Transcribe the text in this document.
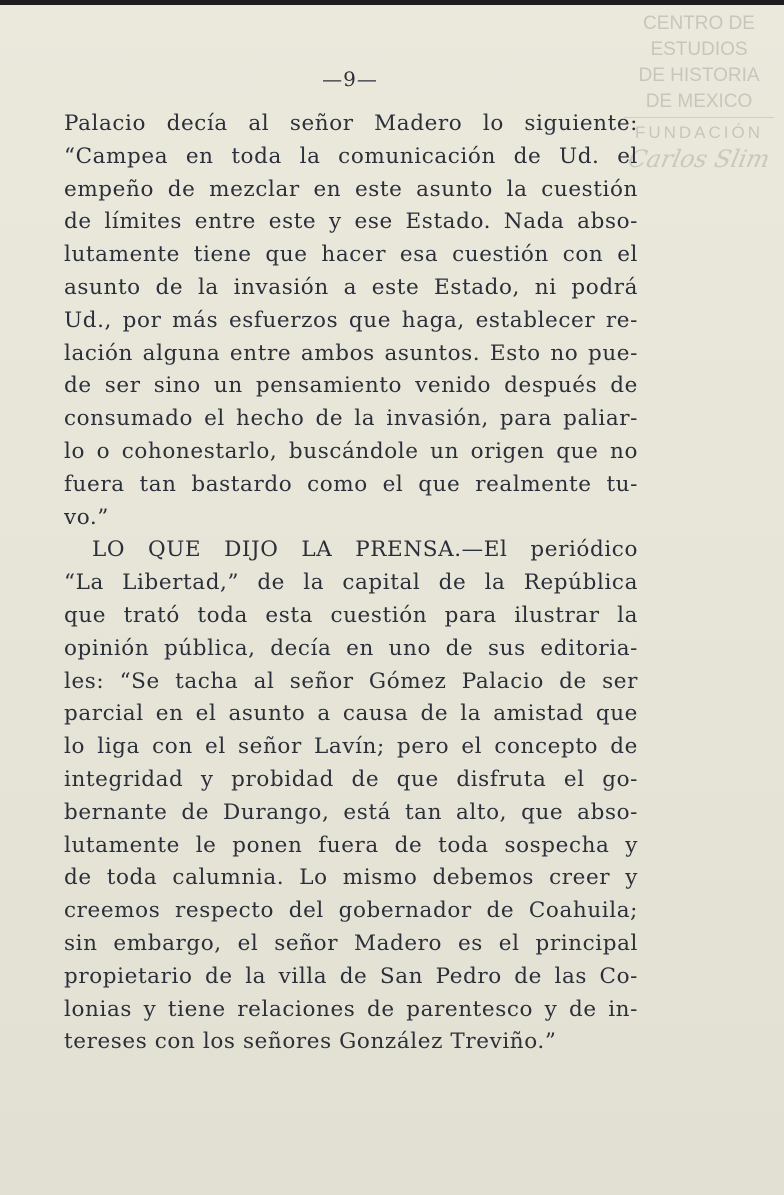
CENTRO DE
ESTUDIOS
DE HISTORIA
DE MEXICO
FUNDACIÓN
Carlos Slim
—9—
Palacio decía al señor Madero lo siguiente:
“Campea en toda la comunicación de Ud. el
empeño de mezclar en este asunto la cuestión
de límites entre este y ese Estado. Nada abso-
lutamente tiene que hacer esa cuestión con el
asunto de la invasión a este Estado, ni podrá
Ud., por más esfuerzos que haga, establecer re-
lación alguna entre ambos asuntos. Esto no pue-
de ser sino un pensamiento venido después de
consumado el hecho de la invasión, para paliar-
lo o cohonestarlo, buscándole un origen que no
fuera tan bastardo como el que realmente tu-
vo.”
LO QUE DIJO LA PRENSA.—El periódico
“La Libertad,” de la capital de la República
que trató toda esta cuestión para ilustrar la
opinión pública, decía en uno de sus editoria-
les: “Se tacha al señor Gómez Palacio de ser
parcial en el asunto a causa de la amistad que
lo liga con el señor Lavín; pero el concepto de
integridad y probidad de que disfruta el go-
bernante de Durango, está tan alto, que abso-
lutamente le ponen fuera de toda sospecha y
de toda calumnia. Lo mismo debemos creer y
creemos respecto del gobernador de Coahuila;
sin embargo, el señor Madero es el principal
propietario de la villa de San Pedro de las Co-
lonias y tiene relaciones de parentesco y de in-
tereses con los señores González Treviño.”
